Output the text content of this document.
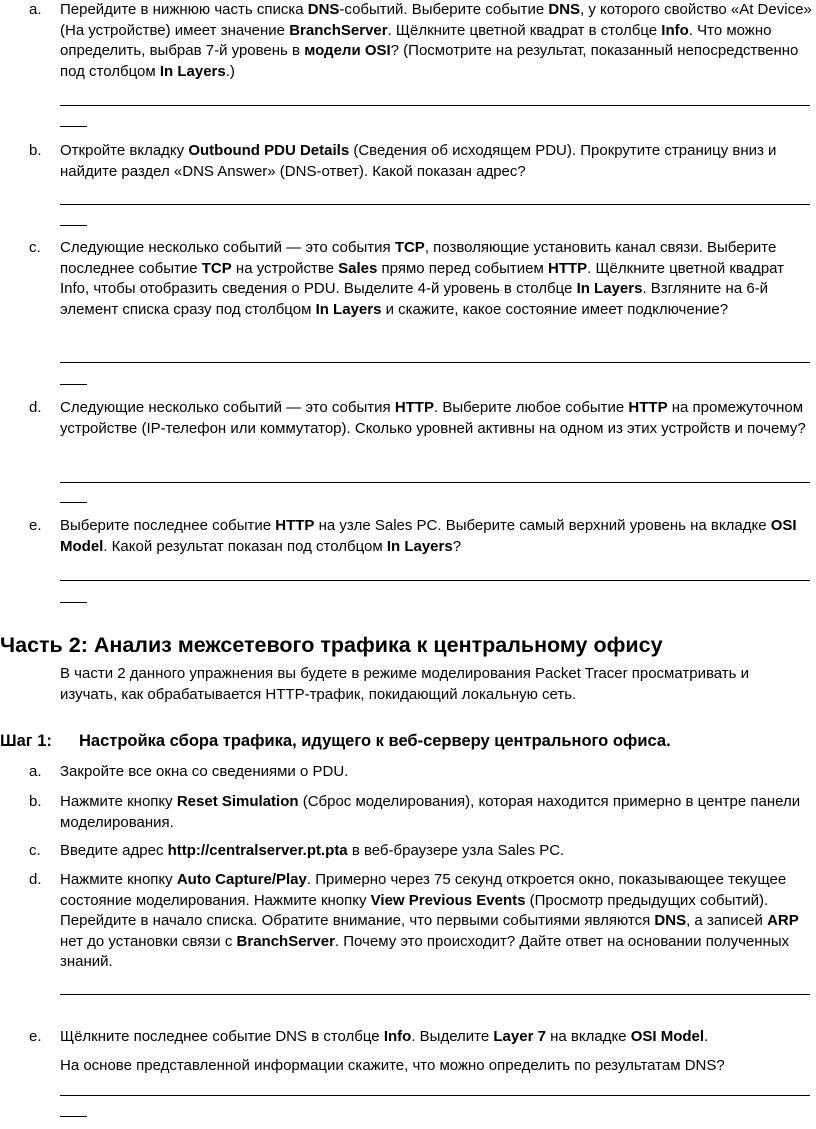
a.	Перейдите в нижнюю часть списка DNS-событий. Выберите событие DNS, у которого свойство «At Device» (На устройстве) имеет значение BranchServer. Щёлкните цветной квадрат в столбце Info. Что можно определить, выбрав 7-й уровень в модели OSI? (Посмотрите на результат, показанный непосредственно под столбцом In Layers.)
b.	Откройте вкладку Outbound PDU Details (Сведения об исходящем PDU). Прокрутите страницу вниз и найдите раздел «DNS Answer» (DNS-ответ). Какой показан адрес?
c.	Следующие несколько событий — это события TCP, позволяющие установить канал связи. Выберите последнее событие TCP на устройстве Sales прямо перед событием HTTP. Щёлкните цветной квадрат Info, чтобы отобразить сведения о PDU. Выделите 4-й уровень в столбце In Layers. Взгляните на 6-й элемент списка сразу под столбцом In Layers и скажите, какое состояние имеет подключение?
d.	Следующие несколько событий — это события HTTP. Выберите любое событие HTTP на промежуточном устройстве (IP-телефон или коммутатор). Сколько уровней активны на одном из этих устройств и почему?
e.	Выберите последнее событие HTTP на узле Sales PC. Выберите самый верхний уровень на вкладке OSI Model. Какой результат показан под столбцом In Layers?
Часть 2: Анализ межсетевого трафика к центральному офису
В части 2 данного упражнения вы будете в режиме моделирования Packet Tracer просматривать и изучать, как обрабатывается HTTP-трафик, покидающий локальную сеть.
Шаг 1: Настройка сбора трафика, идущего к веб-серверу центрального офиса.
a.	Закройте все окна со сведениями о PDU.
b.	Нажмите кнопку Reset Simulation (Сброс моделирования), которая находится примерно в центре панели моделирования.
c.	Введите адрес http://centralserver.pt.pta в веб-браузере узла Sales PC.
d.	Нажмите кнопку Auto Capture/Play. Примерно через 75 секунд откроется окно, показывающее текущее состояние моделирования. Нажмите кнопку View Previous Events (Просмотр предыдущих событий). Перейдите в начало списка. Обратите внимание, что первыми событиями являются DNS, а записей ARP нет до установки связи с BranchServer. Почему это происходит? Дайте ответ на основании полученных знаний.
e.	Щёлкните последнее событие DNS в столбце Info. Выделите Layer 7 на вкладке OSI Model.
На основе представленной информации скажите, что можно определить по результатам DNS?
